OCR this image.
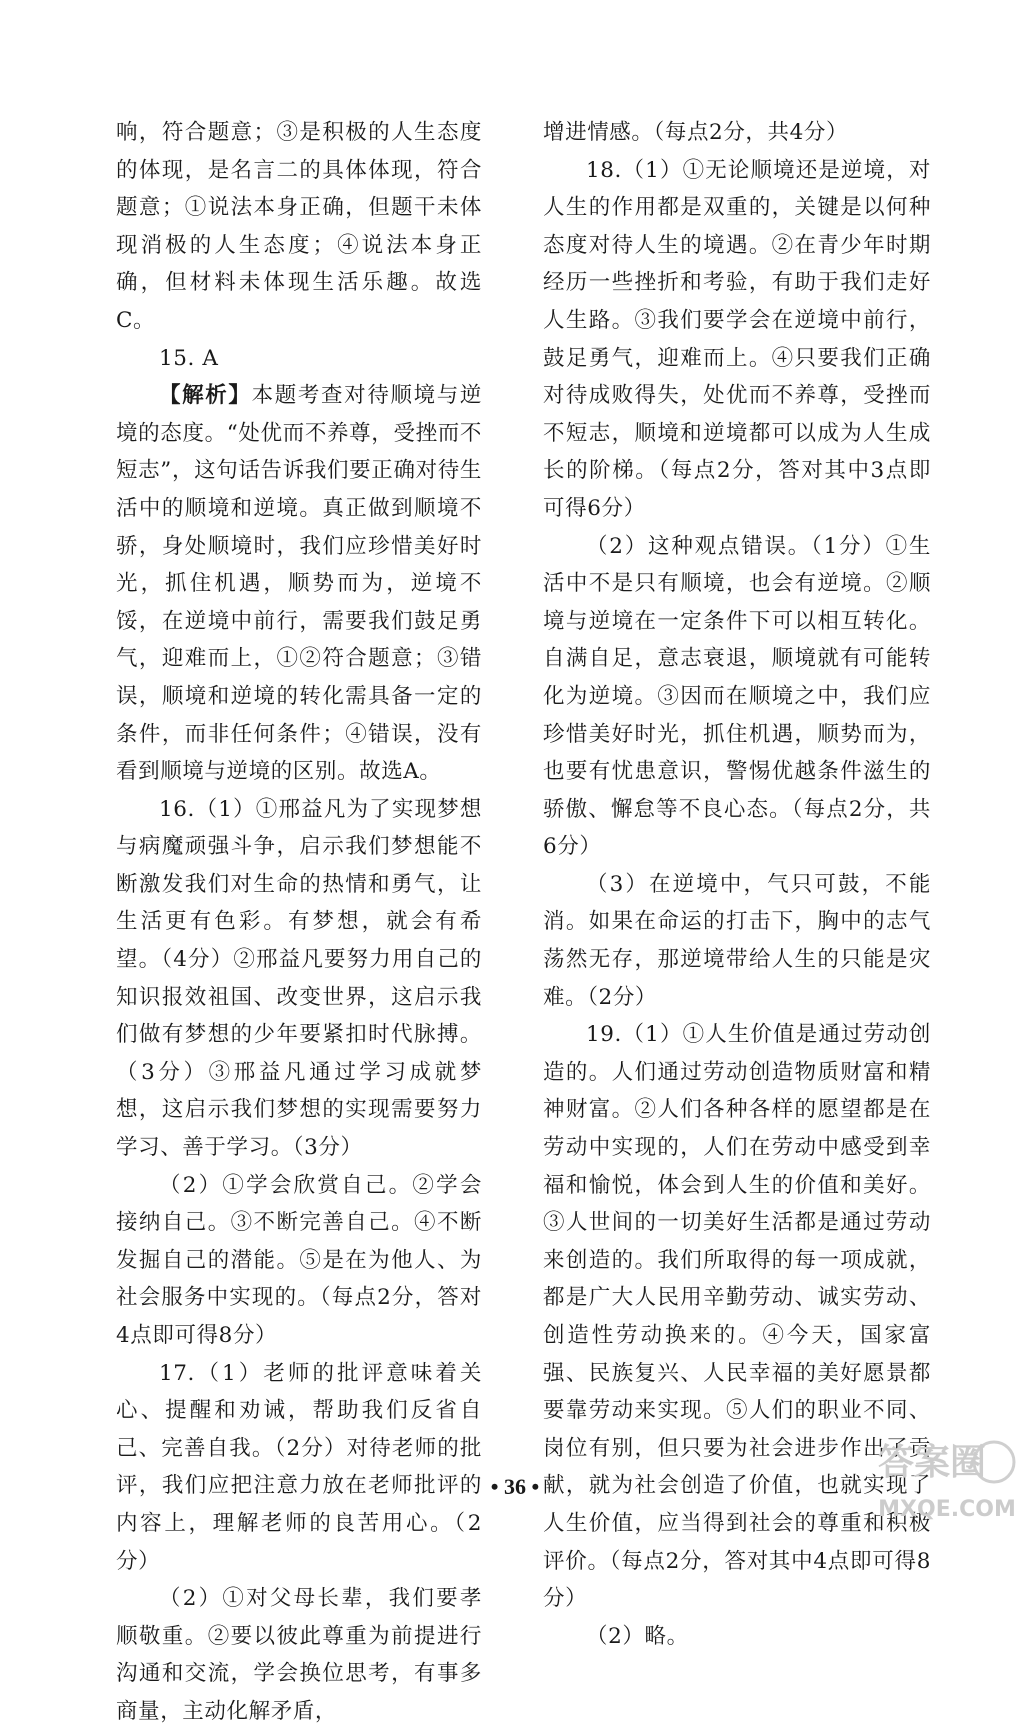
响，符合题意；③是积极的人生态度的体现，是名言二的具体体现，符合题意；①说法本身正确，但题干未体现消极的人生态度；④说法本身正确，但材料未体现生活乐趣。故选C。

15. A

【解析】本题考查对待顺境与逆境的态度。“处优而不养尊，受挫而不短志”，这句话告诉我们要正确对待生活中的顺境和逆境。真正做到顺境不骄，身处顺境时，我们应珍惜美好时光，抓住机遇，顺势而为，逆境不馁，在逆境中前行，需要我们鼓足勇气，迎难而上，①②符合题意；③错误，顺境和逆境的转化需具备一定的条件，而非任何条件；④错误，没有看到顺境与逆境的区别。故选A。

16.（1）①邢益凡为了实现梦想与病魔顽强斗争，启示我们梦想能不断激发我们对生命的热情和勇气，让生活更有色彩。有梦想，就会有希望。（4分）②邢益凡要努力用自己的知识报效祖国、改变世界，这启示我们做有梦想的少年要紧扣时代脉搏。（3分）③邢益凡通过学习成就梦想，这启示我们梦想的实现需要努力学习、善于学习。（3分）

（2）①学会欣赏自己。②学会接纳自己。③不断完善自己。④不断发掘自己的潜能。⑤是在为他人、为社会服务中实现的。（每点2分，答对4点即可得8分）

17.（1）老师的批评意味着关心、提醒和劝诫，帮助我们反省自己、完善自我。（2分）对待老师的批评，我们应把注意力放在老师批评的内容上，理解老师的良苦用心。（2分）

（2）①对父母长辈，我们要孝顺敬重。②要以彼此尊重为前提进行沟通和交流，学会换位思考，有事多商量，主动化解矛盾，

增进情感。（每点2分，共4分）

18.（1）①无论顺境还是逆境，对人生的作用都是双重的，关键是以何种态度对待人生的境遇。②在青少年时期经历一些挫折和考验，有助于我们走好人生路。③我们要学会在逆境中前行，鼓足勇气，迎难而上。④只要我们正确对待成败得失，处优而不养尊，受挫而不短志，顺境和逆境都可以成为人生成长的阶梯。（每点2分，答对其中3点即可得6分）

（2）这种观点错误。（1分）①生活中不是只有顺境，也会有逆境。②顺境与逆境在一定条件下可以相互转化。自满自足，意志衰退，顺境就有可能转化为逆境。③因而在顺境之中，我们应珍惜美好时光，抓住机遇，顺势而为，也要有忧患意识，警惕优越条件滋生的骄傲、懈怠等不良心态。（每点2分，共6分）

（3）在逆境中，气只可鼓，不能消。如果在命运的打击下，胸中的志气荡然无存，那逆境带给人生的只能是灾难。（2分）

19.（1）①人生价值是通过劳动创造的。人们通过劳动创造物质财富和精神财富。②人们各种各样的愿望都是在劳动中实现的，人们在劳动中感受到幸福和愉悦，体会到人生的价值和美好。③人世间的一切美好生活都是通过劳动来创造的。我们所取得的每一项成就，都是广大人民用辛勤劳动、诚实劳动、创造性劳动换来的。④今天，国家富强、民族复兴、人民幸福的美好愿景都要靠劳动来实现。⑤人们的职业不同、岗位有别，但只要为社会进步作出了贡献，就为社会创造了价值，也就实现了人生价值，应当得到社会的尊重和积极评价。（每点2分，答对其中4点即可得8分）

（2）略。

• 36 •
答案圈
MXQE.COM
